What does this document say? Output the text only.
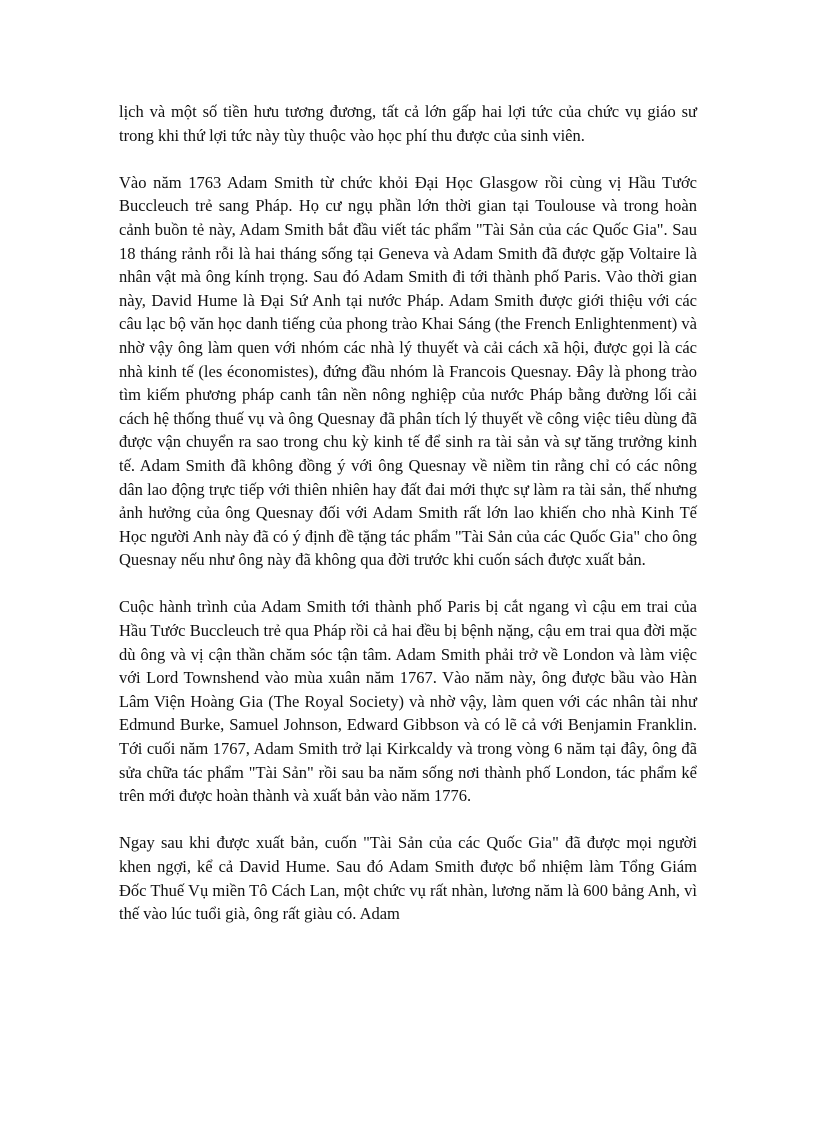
lịch và một số tiền hưu tương đương, tất cả lớn gấp hai lợi tức của chức vụ giáo sư trong khi thứ lợi tức này tùy thuộc vào học phí thu được của sinh viên.

Vào năm 1763 Adam Smith từ chức khỏi Đại Học Glasgow rồi cùng vị Hầu Tước Buccleuch trẻ sang Pháp. Họ cư ngụ phần lớn thời gian tại Toulouse và trong hoàn cảnh buồn tẻ này, Adam Smith bắt đầu viết tác phẩm "Tài Sản của các Quốc Gia". Sau 18 tháng rảnh rỗi là hai tháng sống tại Geneva và Adam Smith đã được gặp Voltaire là nhân vật mà ông kính trọng. Sau đó Adam Smith đi tới thành phố Paris. Vào thời gian này, David Hume là Đại Sứ Anh tại nước Pháp. Adam Smith được giới thiệu với các câu lạc bộ văn học danh tiếng của phong trào Khai Sáng (the French Enlightenment) và nhờ vậy ông làm quen với nhóm các nhà lý thuyết và cải cách xã hội, được gọi là các nhà kinh tế (les économistes), đứng đầu nhóm là Francois Quesnay. Đây là phong trào tìm kiếm phương pháp canh tân nền nông nghiệp của nước Pháp bằng đường lối cải cách hệ thống thuế vụ và ông Quesnay đã phân tích lý thuyết về công việc tiêu dùng đã được vận chuyển ra sao trong chu kỳ kinh tế để sinh ra tài sản và sự tăng trưởng kinh tế. Adam Smith đã không đồng ý với ông Quesnay về niềm tin rằng chỉ có các nông dân lao động trực tiếp với thiên nhiên hay đất đai mới thực sự làm ra tài sản, thế nhưng ảnh hưởng của ông Quesnay đối với Adam Smith rất lớn lao khiến cho nhà Kinh Tế Học người Anh này đã có ý định đề tặng tác phẩm "Tài Sản của các Quốc Gia" cho ông Quesnay nếu như ông này đã không qua đời trước khi cuốn sách được xuất bản.

Cuộc hành trình của Adam Smith tới thành phố Paris bị cắt ngang vì cậu em trai của Hầu Tước Buccleuch trẻ qua Pháp rồi cả hai đều bị bệnh nặng, cậu em trai qua đời mặc dù ông và vị cận thần chăm sóc tận tâm. Adam Smith phải trở về London và làm việc với Lord Townshend vào mùa xuân năm 1767. Vào năm này, ông được bầu vào Hàn Lâm Viện Hoàng Gia (The Royal Society) và nhờ vậy, làm quen với các nhân tài như Edmund Burke, Samuel Johnson, Edward Gibbson và có lẽ cả với Benjamin Franklin. Tới cuối năm 1767, Adam Smith trở lại Kirkcaldy và trong vòng 6 năm tại đây, ông đã sửa chữa tác phẩm "Tài Sản" rồi sau ba năm sống nơi thành phố London, tác phẩm kể trên mới được hoàn thành và xuất bản vào năm 1776.

Ngay sau khi được xuất bản, cuốn "Tài Sản của các Quốc Gia" đã được mọi người khen ngợi, kể cả David Hume. Sau đó Adam Smith được bổ nhiệm làm Tổng Giám Đốc Thuế Vụ miền Tô Cách Lan, một chức vụ rất nhàn, lương năm là 600 bảng Anh, vì thế vào lúc tuổi già, ông rất giàu có. Adam
